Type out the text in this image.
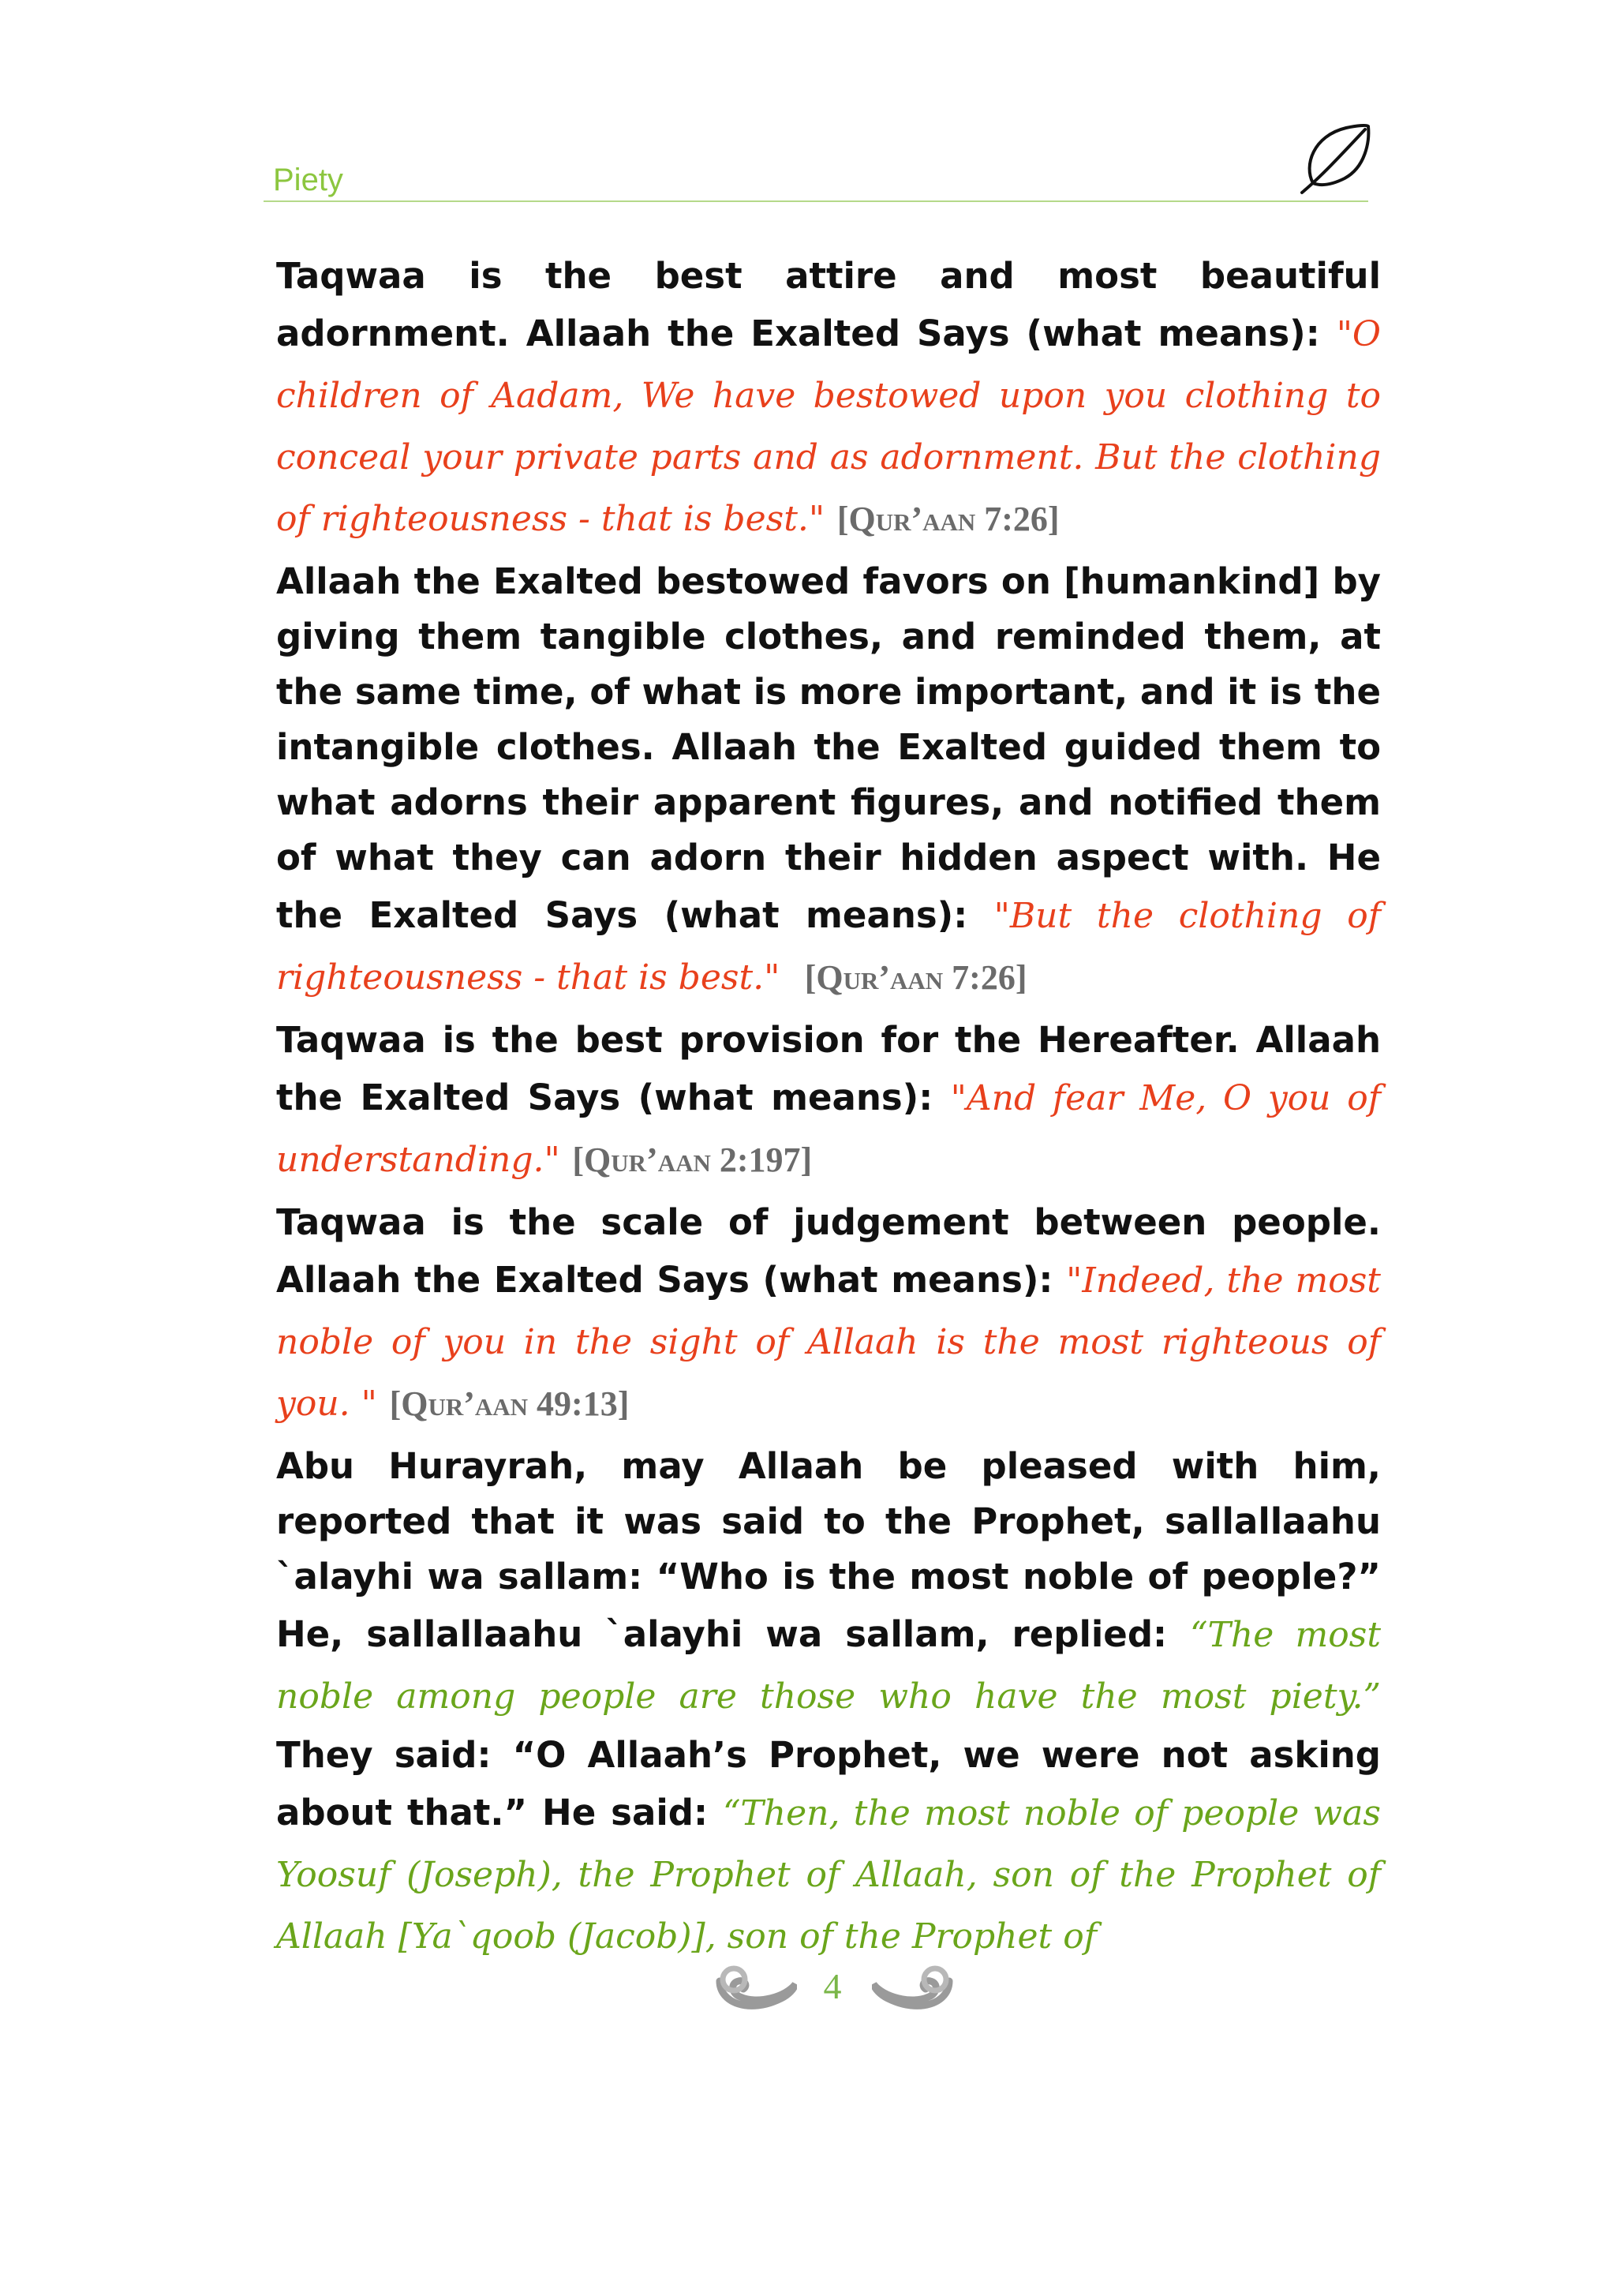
Piety

Taqwaa is the best attire and most beautiful adornment. Allaah the Exalted Says (what means): "O children of Aadam, We have bestowed upon you clothing to conceal your private parts and as adornment. But the clothing of righteousness - that is best." [Qur’aan 7:26]

Allaah the Exalted bestowed favors on [humankind] by giving them tangible clothes, and reminded them, at the same time, of what is more important, and it is the intangible clothes. Allaah the Exalted guided them to what adorns their apparent figures, and notified them of what they can adorn their hidden aspect with. He the Exalted Says (what means): "But the clothing of righteousness - that is best." [Qur’aan 7:26]

Taqwaa is the best provision for the Hereafter. Allaah the Exalted Says (what means): "And fear Me, O you of understanding." [Qur’aan 2:197]

Taqwaa is the scale of judgement between people. Allaah the Exalted Says (what means): "Indeed, the most noble of you in the sight of Allaah is the most righteous of you. " [Qur’aan 49:13]

Abu Hurayrah, may Allaah be pleased with him, reported that it was said to the Prophet, sallallaahu `alayhi wa sallam: “Who is the most noble of people?” He, sallallaahu `alayhi wa sallam, replied: “The most noble among people are those who have the most piety.” They said: “O Allaah’s Prophet, we were not asking about that.” He said: “Then, the most noble of people was Yoosuf (Joseph), the Prophet of Allaah, son of the Prophet of Allaah [Ya`qoob (Jacob)], son of the Prophet of

4
